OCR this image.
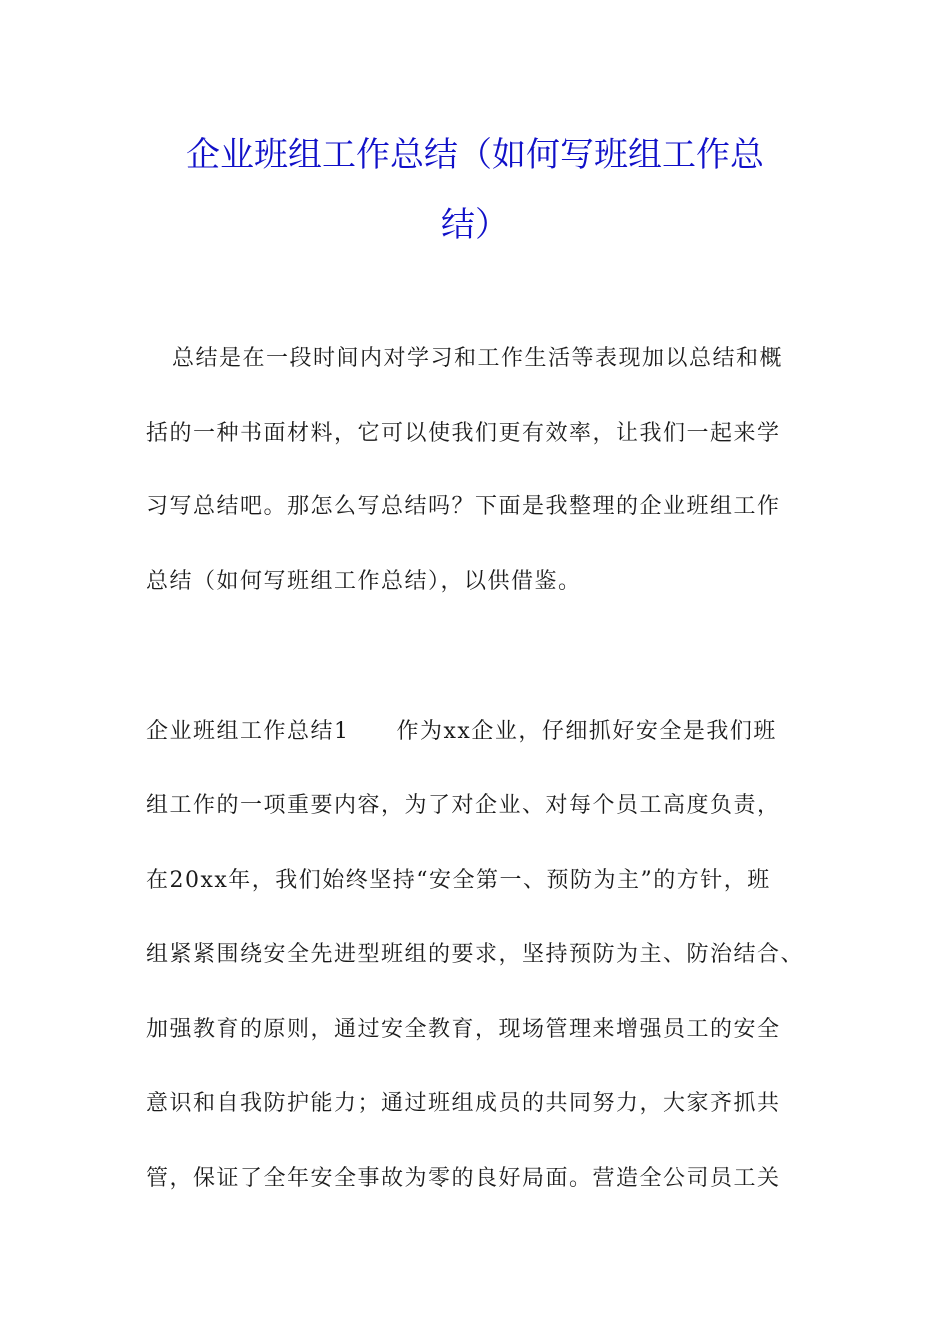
企业班组工作总结（如何写班组工作总
结）
总结是在一段时间内对学习和工作生活等表现加以总结和概
括的一种书面材料，它可以使我们更有效率，让我们一起来学
习写总结吧。那怎么写总结吗？下面是我整理的企业班组工作
总结（如何写班组工作总结），以供借鉴。
企业班组工作总结1　　作为xx企业，仔细抓好安全是我们班
组工作的一项重要内容，为了对企业、对每个员工高度负责，
在20xx年，我们始终坚持“安全第一、预防为主”的方针，班
组紧紧围绕安全先进型班组的要求，坚持预防为主、防治结合、
加强教育的原则，通过安全教育，现场管理来增强员工的安全
意识和自我防护能力；通过班组成员的共同努力，大家齐抓共
管，保证了全年安全事故为零的良好局面。营造全公司员工关
